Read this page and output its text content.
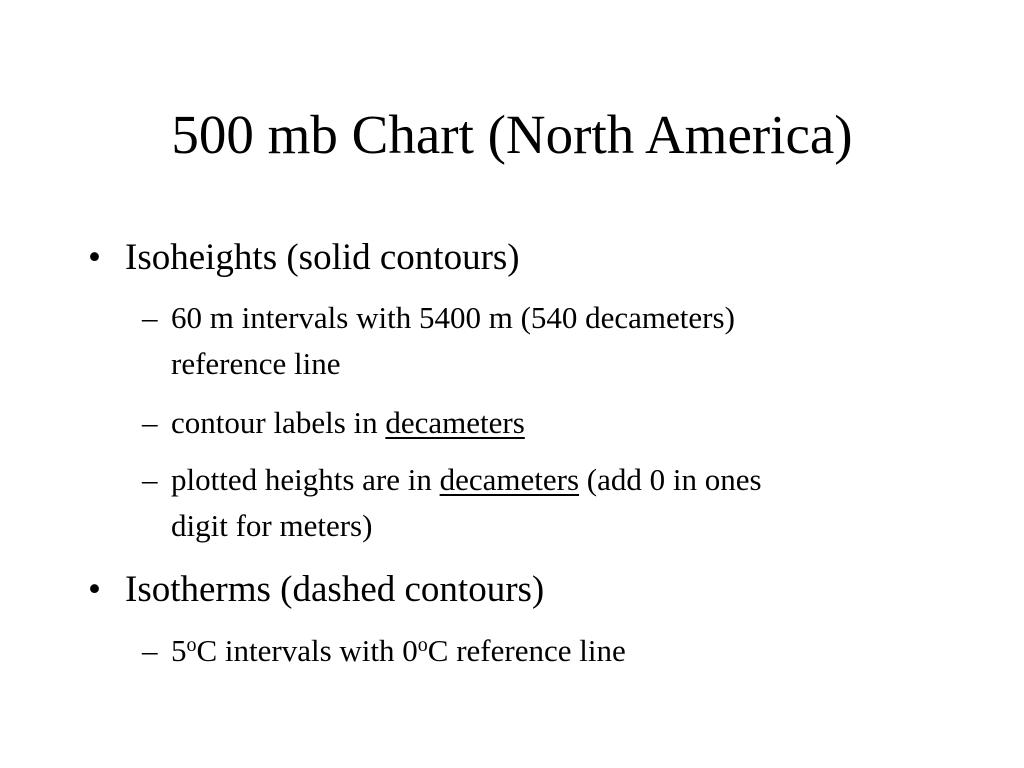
500 mb Chart (North America)
• Isoheights (solid contours)
– 60 m intervals with 5400 m (540 decameters)
reference line
– contour labels in decameters
– plotted heights are in decameters (add 0 in ones
digit for meters)
• Isotherms (dashed contours)
– 5$^o$C intervals with 0$^o$C reference line
